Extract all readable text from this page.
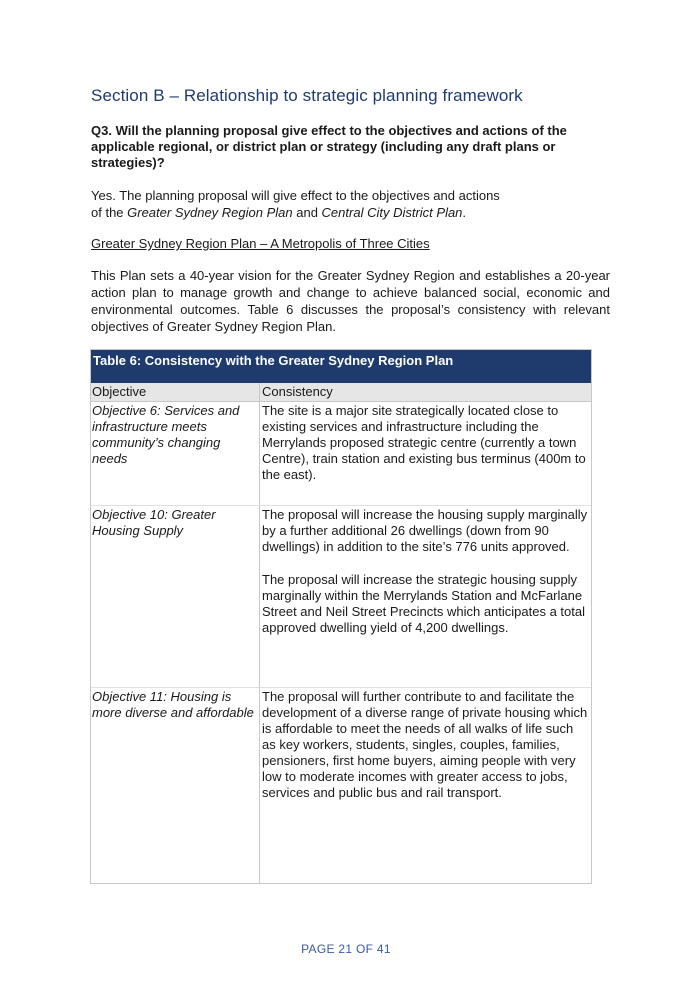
Section B – Relationship to strategic planning framework
Q3. Will the planning proposal give effect to the objectives and actions of the applicable regional, or district plan or strategy (including any draft plans or strategies)?
Yes. The planning proposal will give effect to the objectives and actions
of the Greater Sydney Region Plan and Central City District Plan.
Greater Sydney Region Plan – A Metropolis of Three Cities
This Plan sets a 40-year vision for the Greater Sydney Region and establishes a 20-year action plan to manage growth and change to achieve balanced social, economic and environmental outcomes. Table 6 discusses the proposal’s consistency with relevant objectives of Greater Sydney Region Plan.
Table 6: Consistency with the Greater Sydney Region Plan
Objective	Consistency
Objective 6: Services and infrastructure meets community’s changing needs

The site is a major site strategically located close to existing services and infrastructure including the Merrylands proposed strategic centre (currently a town Centre), train station and existing bus terminus (400m to the east).

Objective 10: Greater Housing Supply

The proposal will increase the housing supply marginally by a further additional 26 dwellings (down from 90 dwellings) in addition to the site’s 776 units approved.

The proposal will increase the strategic housing supply marginally within the Merrylands Station and McFarlane Street and Neil Street Precincts which anticipates a total approved dwelling yield of 4,200 dwellings.

Objective 11: Housing is more diverse and affordable

The proposal will further contribute to and facilitate the development of a diverse range of private housing which is affordable to meet the needs of all walks of life such as key workers, students, singles, couples, families, pensioners, first home buyers, aiming people with very low to moderate incomes with greater access to jobs, services and public bus and rail transport.

PAGE 21 OF 41
